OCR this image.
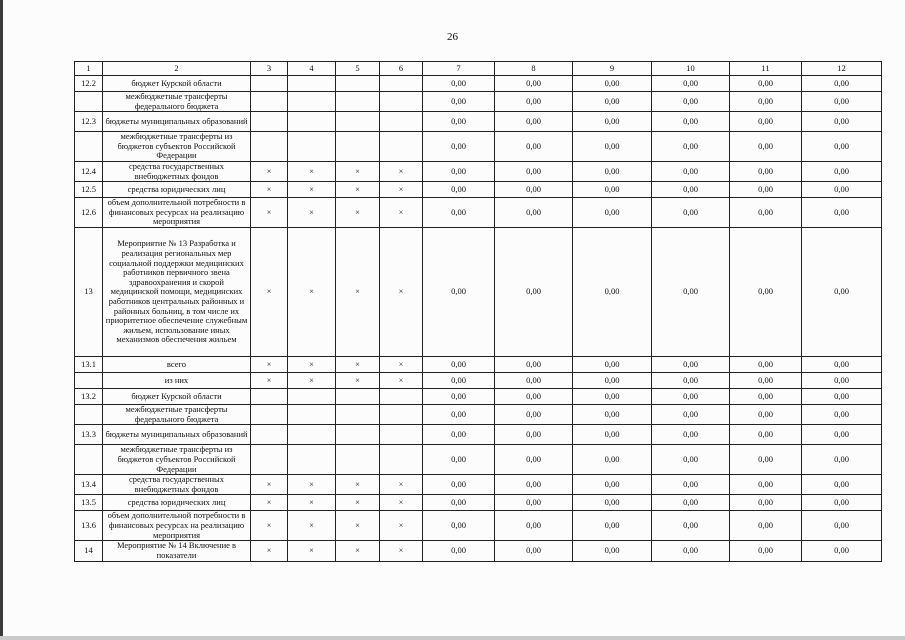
26
1	2	3	4	5	6	7	8	9	10	11	12
12.2	бюджет Курской области					0,00	0,00	0,00	0,00	0,00	0,00
	межбюджетные трансферты федерального бюджета					0,00	0,00	0,00	0,00	0,00	0,00
12.3	бюджеты муниципальных образований					0,00	0,00	0,00	0,00	0,00	0,00
	межбюджетные трансферты из бюджетов субъектов Российской Федерации					0,00	0,00	0,00	0,00	0,00	0,00
12.4	средства государственных внебюджетных фондов	×	×	×	×	0,00	0,00	0,00	0,00	0,00	0,00
12.5	средства юридических лиц	×	×	×	×	0,00	0,00	0,00	0,00	0,00	0,00
12.6	объем дополнительной потребности в финансовых ресурсах на реализацию мероприятия	×	×	×	×	0,00	0,00	0,00	0,00	0,00	0,00
13	Мероприятие № 13 Разработка и реализация региональных мер социальной поддержки медицинских работников первичного звена здравоохранения и скорой медицинской помощи, медицинских работников центральных районных и районных больниц, в том числе их приоритетное обеспечение служебным жильем, использование иных механизмов обеспечения жильем	×	×	×	×	0,00	0,00	0,00	0,00	0,00	0,00
13.1	всего	×	×	×	×	0,00	0,00	0,00	0,00	0,00	0,00
	из них	×	×	×	×	0,00	0,00	0,00	0,00	0,00	0,00
13.2	бюджет Курской области					0,00	0,00	0,00	0,00	0,00	0,00
	межбюджетные трансферты федерального бюджета					0,00	0,00	0,00	0,00	0,00	0,00
13.3	бюджеты муниципальных образований					0,00	0,00	0,00	0,00	0,00	0,00
	межбюджетные трансферты из бюджетов субъектов Российской Федерации					0,00	0,00	0,00	0,00	0,00	0,00
13.4	средства государственных внебюджетных фондов	×	×	×	×	0,00	0,00	0,00	0,00	0,00	0,00
13.5	средства юридических лиц	×	×	×	×	0,00	0,00	0,00	0,00	0,00	0,00
13.6	объем дополнительной потребности в финансовых ресурсах на реализацию мероприятия	×	×	×	×	0,00	0,00	0,00	0,00	0,00	0,00
14	Мероприятие № 14 Включение в показатели	×	×	×	×	0,00	0,00	0,00	0,00	0,00	0,00
